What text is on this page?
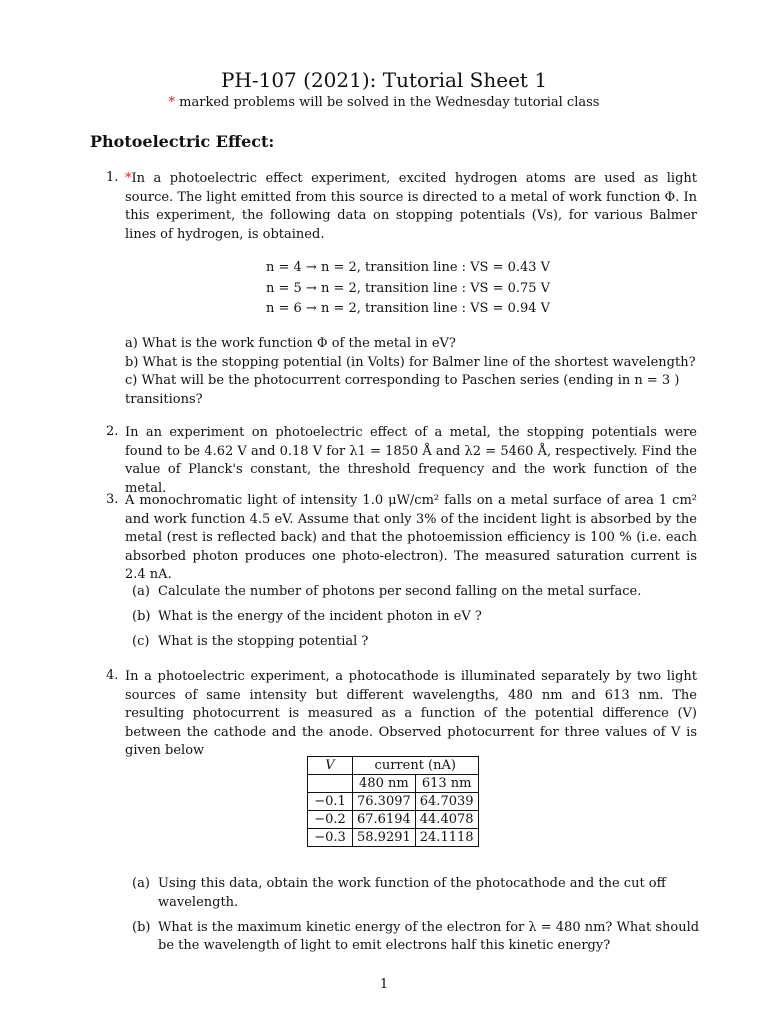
PH-107 (2021): Tutorial Sheet 1
* marked problems will be solved in the Wednesday tutorial class
Photoelectric Effect:
1. *In a photoelectric effect experiment, excited hydrogen atoms are used as light source. The light emitted from this source is directed to a metal of work function Φ. In this experiment, the following data on stopping potentials (Vs), for various Balmer lines of hydrogen, is obtained.

n = 4 → n = 2, transition line : VS = 0.43 V
n = 5 → n = 2, transition line : VS = 0.75 V
n = 6 → n = 2, transition line : VS = 0.94 V
a) What is the work function Φ of the metal in eV?
b) What is the stopping potential (in Volts) for Balmer line of the shortest wavelength?
c) What will be the photocurrent corresponding to Paschen series (ending in n = 3 ) transitions?
2. In an experiment on photoelectric effect of a metal, the stopping potentials were found to be 4.62 V and 0.18 V for λ1 = 1850 Å and λ2 = 5460 Å, respectively. Find the value of Planck's constant, the threshold frequency and the work function of the metal.

3. A monochromatic light of intensity 1.0 μW/cm² falls on a metal surface of area 1 cm² and work function 4.5 eV. Assume that only 3% of the incident light is absorbed by the metal (rest is reflected back) and that the photoemission efficiency is 100 % (i.e. each absorbed photon produces one photo-electron). The measured saturation current is 2.4 nA.

(a) Calculate the number of photons per second falling on the metal surface.
(b) What is the energy of the incident photon in eV ?
(c) What is the stopping potential ?
4. In a photoelectric experiment, a photocathode is illuminated separately by two light sources of same intensity but different wavelengths, 480 nm and 613 nm. The resulting photocurrent is measured as a function of the potential difference (V) between the cathode and the anode. Observed photocurrent for three values of V is given below

V	current (nA)	
	480 nm	613 nm
−0.1	76.3097	64.7039
−0.2	67.6194	44.4078
−0.3	58.9291	24.1118
(a) Using this data, obtain the work function of the photocathode and the cut off wavelength.
(b) What is the maximum kinetic energy of the electron for λ = 480 nm? What should be the wavelength of light to emit electrons half this kinetic energy?
1
